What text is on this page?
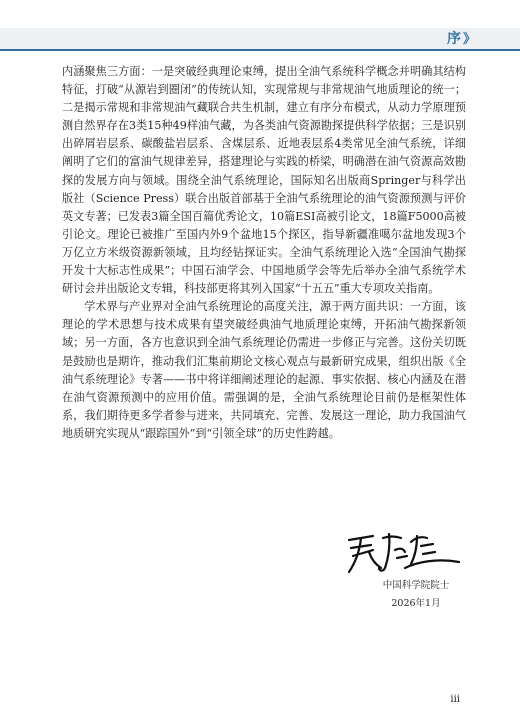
序 》

内涵聚焦三方面：一是突破经典理论束缚，提出全油气系统科学概念并明确其结构特征，打破“从源岩到圈闭”的传统认知，实现常规与非常规油气地质理论的统一；二是揭示常规和非常规油气藏联合共生机制，建立有序分布模式，从动力学原理预测自然界存在3类15种49样油气藏，为各类油气资源勘探提供科学依据；三是识别出碎屑岩层系、碳酸盐岩层系、含煤层系、近地表层系4类常见全油气系统，详细阐明了它们的富油气规律差异，搭建理论与实践的桥梁，明确潜在油气资源高效勘探的发展方向与领域。围绕全油气系统理论，国际知名出版商Springer与科学出版社（Science Press）联合出版首部基于全油气系统理论的油气资源预测与评价英文专著；已发表3篇全国百篇优秀论文，10篇ESI高被引论文，18篇F5000高被引论文。理论已被推广至国内外9个盆地15个探区，指导新疆准噶尔盆地发现3个万亿立方米级资源新领域，且均经钻探证实。全油气系统理论入选“全国油气勘探开发十大标志性成果”；中国石油学会、中国地质学会等先后举办全油气系统学术研讨会并出版论文专辑，科技部更将其列入国家“十五五”重大专项攻关指南。

学术界与产业界对全油气系统理论的高度关注，源于两方面共识：一方面，该理论的学术思想与技术成果有望突破经典油气地质理论束缚，开拓油气勘探新领域；另一方面，各方也意识到全油气系统理论仍需进一步修正与完善。这份关切既是鼓励也是期许，推动我们汇集前期论文核心观点与最新研究成果，组织出版《全油气系统理论》专著——书中将详细阐述理论的起源、事实依据、核心内涵及在潜在油气资源预测中的应用价值。需强调的是，全油气系统理论目前仍是框架性体系，我们期待更多学者参与进来，共同填充、完善、发展这一理论，助力我国油气地质研究实现从“跟踪国外”到“引领全球”的历史性跨越。

中国科学院院士
2026年1月
iii
